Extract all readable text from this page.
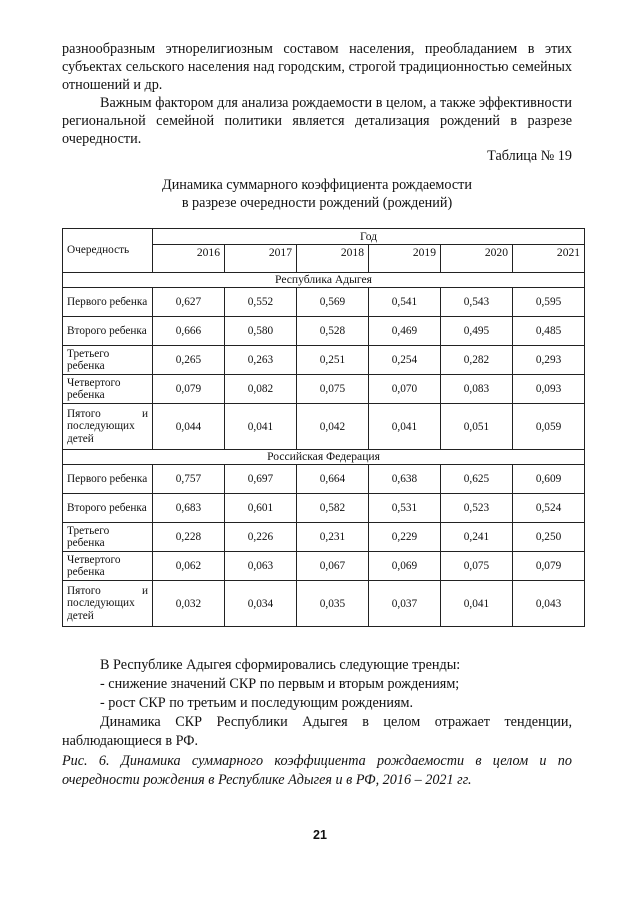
разнообразным этнорелигиозным составом населения, преобладанием в этих субъектах сельского населения над городским, строгой традиционностью семейных отношений и др.

Важным фактором для анализа рождаемости в целом, а также эффективности региональной семейной политики является детализация рождений в разрезе очередности.

Таблица № 19
Динамика суммарного коэффициента рождаемости
в разрезе очередности рождений (рождений)
Очередность	Год					
	2016	2017	2018	2019	2020	2021
Республика Адыгея						
Первого ребенка	0,627	0,552	0,569	0,541	0,543	0,595
Второго ребенка	0,666	0,580	0,528	0,469	0,495	0,485
Третьего ребенка	0,265	0,263	0,251	0,254	0,282	0,293
Четвертого ребенка	0,079	0,082	0,075	0,070	0,083	0,093
Пятого и последующих детей	0,044	0,041	0,042	0,041	0,051	0,059
Российская Федерация						
Первого ребенка	0,757	0,697	0,664	0,638	0,625	0,609
Второго ребенка	0,683	0,601	0,582	0,531	0,523	0,524
Третьего ребенка	0,228	0,226	0,231	0,229	0,241	0,250
Четвертого ребенка	0,062	0,063	0,067	0,069	0,075	0,079
Пятого и последующих детей	0,032	0,034	0,035	0,037	0,041	0,043

В Республике Адыгея сформировались следующие тренды:

- снижение значений СКР по первым и вторым рождениям;

- рост СКР по третьим и последующим рождениям.

Динамика СКР Республики Адыгея в целом отражает тенденции, наблюдающиеся в РФ.

Рис. 6. Динамика суммарного коэффициента рождаемости в целом и по очередности рождения в Республике Адыгея и в РФ, 2016 – 2021 гг.

21
